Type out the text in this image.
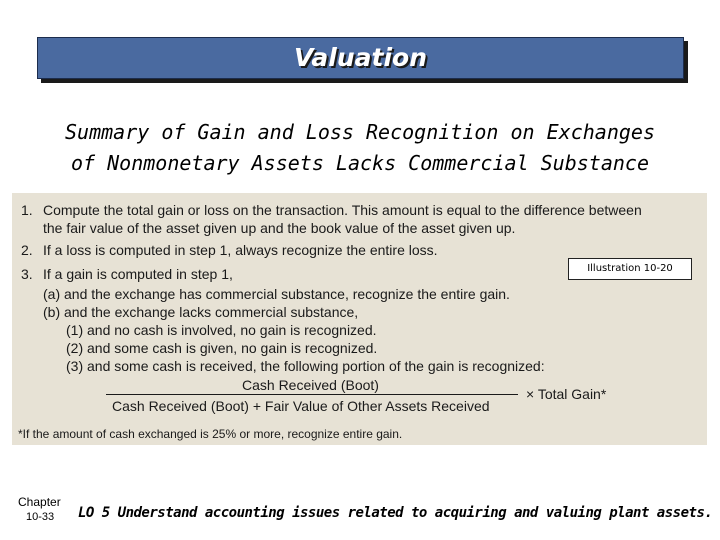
Valuation
Summary of Gain and Loss Recognition on Exchanges
of Nonmonetary Assets Lacks Commercial Substance
1. Compute the total gain or loss on the transaction. This amount is equal to the difference between
the fair value of the asset given up and the book value of the asset given up.
2. If a loss is computed in step 1, always recognize the entire loss.
3. If a gain is computed in step 1,
(a) and the exchange has commercial substance, recognize the entire gain.
(b) and the exchange lacks commercial substance,
(1) and no cash is involved, no gain is recognized.
(2) and some cash is given, no gain is recognized.
(3) and some cash is received, the following portion of the gain is recognized:
Illustration 10-20
Cash Received (Boot)
Cash Received (Boot) + Fair Value of Other Assets Received
× Total Gain*
*If the amount of cash exchanged is 25% or more, recognize entire gain.
Chapter
10-33 LO 5 Understand accounting issues related to acquiring and valuing plant assets.
